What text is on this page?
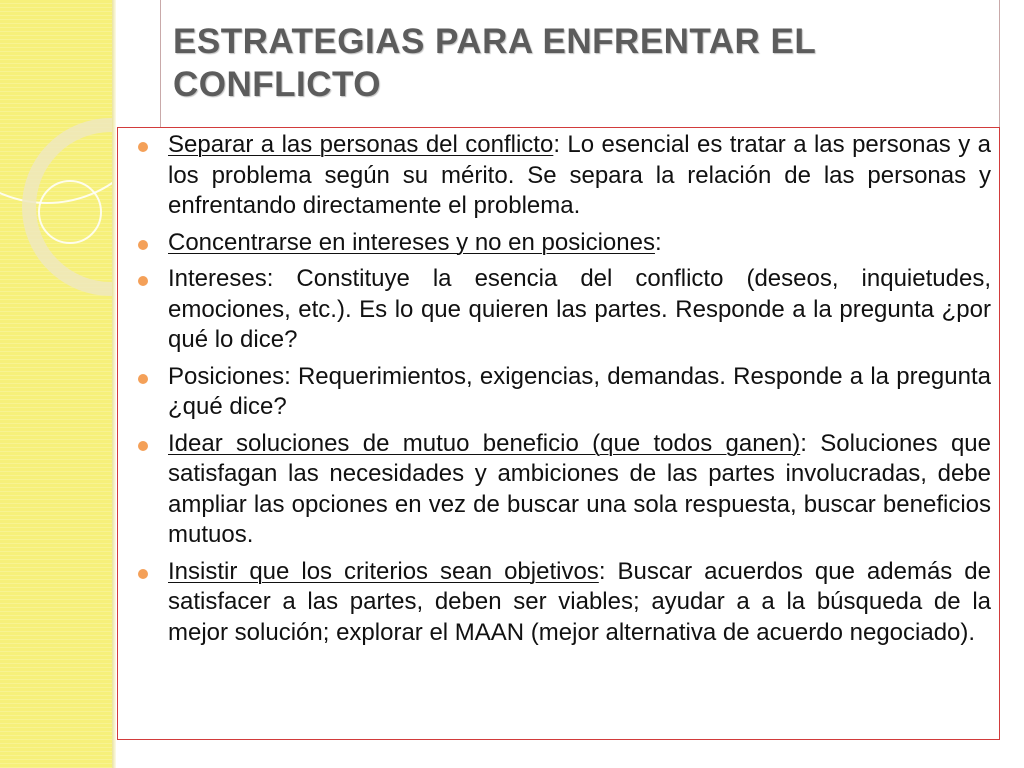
ESTRATEGIAS PARA ENFRENTAR EL CONFLICTO
Separar a las personas del conflicto: Lo esencial es tratar a las personas y a los problema según su mérito. Se separa la relación de las personas y enfrentando directamente el problema.
Concentrarse en intereses y no en posiciones:
Intereses: Constituye la esencia del conflicto (deseos, inquietudes, emociones, etc.). Es lo que quieren las partes. Responde a la pregunta ¿por qué lo dice?
Posiciones: Requerimientos, exigencias, demandas. Responde a la pregunta ¿qué dice?
Idear soluciones de mutuo beneficio (que todos ganen): Soluciones que satisfagan las necesidades y ambiciones de las partes involucradas, debe ampliar las opciones en vez de buscar una sola respuesta, buscar beneficios mutuos.
Insistir que los criterios sean objetivos: Buscar acuerdos que además de satisfacer a las partes, deben ser viables; ayudar a a la búsqueda de la mejor solución; explorar el MAAN (mejor alternativa de acuerdo negociado).
